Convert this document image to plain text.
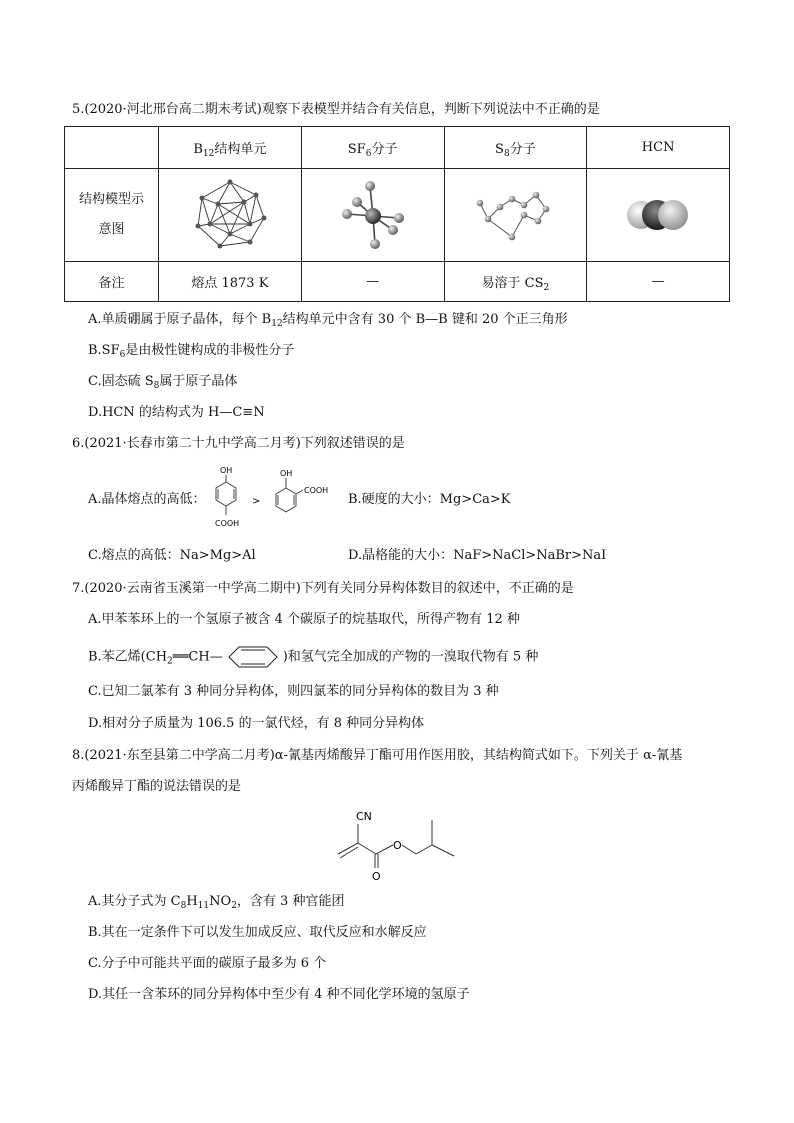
5.(2020·河北邢台高二期末考试)观察下表模型并结合有关信息，判断下列说法中不正确的是
	$B_{12}$结构单元	$SF_6$分子	$S_8$分子	HCN

结构模型示
意图

备注	熔点 1873 K	—	易溶于 $CS_2$	—
A.单质硼属于原子晶体，每个 $B_{12}$结构单元中含有 30 个 B—B 键和 20 个正三角形
$B.SF_6$是由极性键构成的非极性分子
C.固态硫 $S_8$属于原子晶体
D.HCN 的结构式为 H—C≡N
6.(2021·长春市第二十九中学高二月考)下列叙述错误的是
A.晶体熔点的高低：
OH
COOH
>
OH
COOH
B.硬度的大小：Mg>Ca>K
C.熔点的高低：Na>Mg>Al	D.晶格能的大小：NaF>NaCl>NaBr>NaI
7.(2020·云南省玉溪第一中学高二期中)下列有关同分异构体数目的叙述中，不正确的是
A.甲苯苯环上的一个氢原子被含 4 个碳原子的烷基取代，所得产物有 12 种
B.苯乙烯($CH_2══CH—$	)和氢气完全加成的产物的一溴取代物有 5 种
C.已知二氯苯有 3 种同分异构体，则四氯苯的同分异构体的数目为 3 种
D.相对分子质量为 106.5 的一氯代烃，有 8 种同分异构体
8.(2021·东至县第二中学高二月考)α-氰基丙烯酸异丁酯可用作医用胶，其结构简式如下。下列关于 α-氰基
丙烯酸异丁酯的说法错误的是
CN
O
O
A.其分子式为 $C_8H_{11}NO_2$，含有 3 种官能团
B.其在一定条件下可以发生加成反应、取代反应和水解反应
C.分子中可能共平面的碳原子最多为 6 个
D.其任一含苯环的同分异构体中至少有 4 种不同化学环境的氢原子
